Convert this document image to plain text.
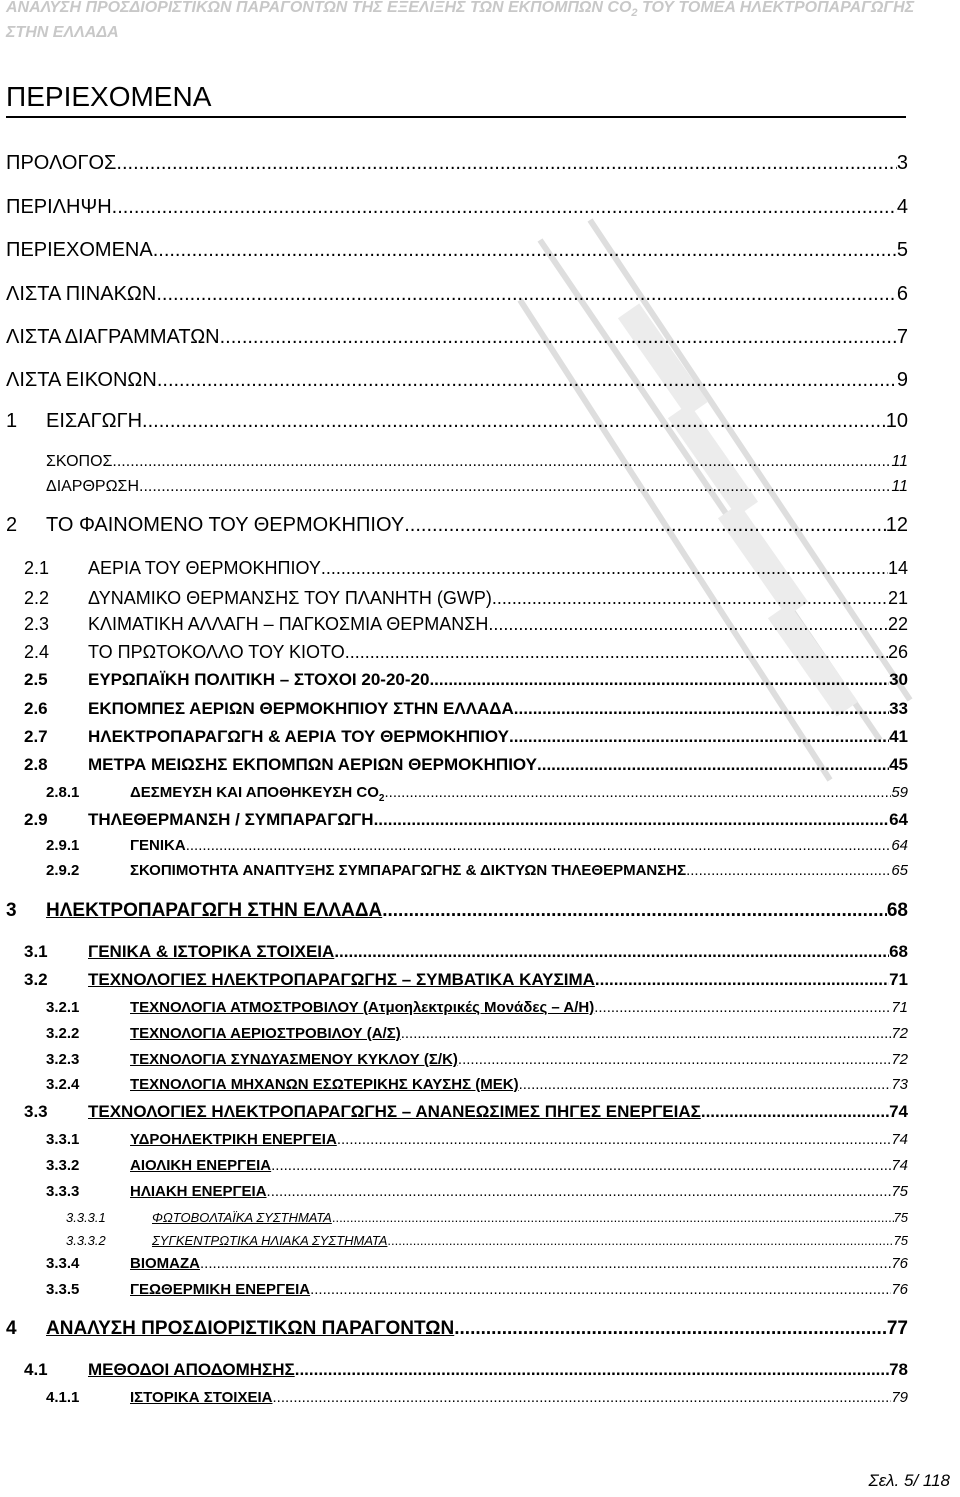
ΑΝΑΛΥΣΗ ΠΡΟΣΔΙΟΡΙΣΤΙΚΩΝ ΠΑΡΑΓΟΝΤΩΝ ΤΗΣ ΕΞΕΛΙΞΗΣ ΤΩΝ ΕΚΠΟΜΠΩΝ $CO_2$ ΤΟΥ ΤΟΜΕΑ ΗΛΕΚΤΡΟΠΑΡΑΓΩΓΗΣ
ΣΤΗΝ ΕΛΛΑΔΑ
ΠΕΡΙΕΧΟΜΕΝΑ
ΠΡΟΛΟΓΟΣ .....	3
ΠΕΡΙΛΗΨΗ .....	4
ΠΕΡΙΕΧΟΜΕΝΑ .....	5
ΛΙΣΤΑ ΠΙΝΑΚΩΝ .....	6
ΛΙΣΤΑ ΔΙΑΓΡΑΜΜΑΤΩΝ .....	7
ΛΙΣΤΑ ΕΙΚΟΝΩΝ .....	9
1	ΕΙΣΑΓΩΓΗ .....	10
ΣΚΟΠΟΣ .....	11
ΔΙΑΡΘΡΩΣΗ .....	11
2	ΤΟ ΦΑΙΝΟΜΕΝΟ ΤΟΥ ΘΕΡΜΟΚΗΠΙΟΥ .....	12
2.1	ΑΕΡΙΑ ΤΟΥ ΘΕΡΜΟΚΗΠΙΟΥ .....	14
2.2	ΔΥΝΑΜΙΚΟ ΘΕΡΜΑΝΣΗΣ ΤΟΥ ΠΛΑΝΗΤΗ (GWP) .....	21
2.3	ΚΛΙΜΑΤΙΚΗ ΑΛΛΑΓΗ – ΠΑΓΚΟΣΜΙΑ ΘΕΡΜΑΝΣΗ .....	22
2.4	ΤΟ ΠΡΩΤΟΚΟΛΛΟ ΤΟΥ ΚΙΟΤΟ .....	26
2.5	ΕΥΡΩΠΑΪΚΗ ΠΟΛΙΤΙΚΗ – ΣΤΟΧΟΙ 20-20-20 .....	30
2.6	ΕΚΠΟΜΠΕΣ ΑΕΡΙΩΝ ΘΕΡΜΟΚΗΠΙΟΥ ΣΤΗΝ ΕΛΛΑΔΑ .....	33
2.7	ΗΛΕΚΤΡΟΠΑΡΑΓΩΓΗ & ΑΕΡΙΑ ΤΟΥ ΘΕΡΜΟΚΗΠΙΟΥ .....	41
2.8	ΜΕΤΡΑ ΜΕΙΩΣΗΣ ΕΚΠΟΜΠΩΝ ΑΕΡΙΩΝ ΘΕΡΜΟΚΗΠΙΟΥ .....	45
2.8.1	ΔΕΣΜΕΥΣΗ ΚΑΙ ΑΠΟΘΗΚΕΥΣΗ $CO_2$ .....	59
2.9	ΤΗΛΕΘΕΡΜΑΝΣΗ / ΣΥΜΠΑΡΑΓΩΓΗ .....	64
2.9.1	ΓΕΝΙΚΑ .....	64
2.9.2	ΣΚΟΠΙΜΟΤΗΤΑ ΑΝΑΠΤΥΞΗΣ ΣΥΜΠΑΡΑΓΩΓΗΣ & ΔΙΚΤΥΩΝ ΤΗΛΕΘΕΡΜΑΝΣΗΣ .....	65
3	ΗΛΕΚΤΡΟΠΑΡΑΓΩΓΗ ΣΤΗΝ ΕΛΛΑΔΑ .....	68
3.1	ΓΕΝΙΚΑ & ΙΣΤΟΡΙΚΑ ΣΤΟΙΧΕΙΑ .....	68
3.2	ΤΕΧΝΟΛΟΓΙΕΣ ΗΛΕΚΤΡΟΠΑΡΑΓΩΓΗΣ – ΣΥΜΒΑΤΙΚΑ ΚΑΥΣΙΜΑ .....	71
3.2.1	ΤΕΧΝΟΛΟΓΙΑ ΑΤΜΟΣΤΡΟΒΙΛΟΥ (Ατμοηλεκτρικές Μονάδες – Α/Η) .....	71
3.2.2	ΤΕΧΝΟΛΟΓΙΑ ΑΕΡΙΟΣΤΡΟΒΙΛΟΥ (Α/Σ) .....	72
3.2.3	ΤΕΧΝΟΛΟΓΙΑ ΣΥΝΔΥΑΣΜΕΝΟΥ ΚΥΚΛΟΥ (Σ/Κ) .....	72
3.2.4	ΤΕΧΝΟΛΟΓΙΑ ΜΗΧΑΝΩΝ ΕΣΩΤΕΡΙΚΗΣ ΚΑΥΣΗΣ (ΜΕΚ) .....	73
3.3	ΤΕΧΝΟΛΟΓΙΕΣ ΗΛΕΚΤΡΟΠΑΡΑΓΩΓΗΣ – ΑΝΑΝΕΩΣΙΜΕΣ ΠΗΓΕΣ ΕΝΕΡΓΕΙΑΣ .....	74
3.3.1	ΥΔΡΟΗΛΕΚΤΡΙΚΗ ΕΝΕΡΓΕΙΑ .....	74
3.3.2	ΑΙΟΛΙΚΗ ΕΝΕΡΓΕΙΑ .....	74
3.3.3	ΗΛΙΑΚΗ ΕΝΕΡΓΕΙΑ .....	75
3.3.3.1	ΦΩΤΟΒΟΛΤΑΪΚΑ ΣΥΣΤΗΜΑΤΑ .....	75
3.3.3.2	ΣΥΓΚΕΝΤΡΩΤΙΚΑ ΗΛΙΑΚΑ ΣΥΣΤΗΜΑΤΑ .....	75
3.3.4	ΒΙΟΜΑΖΑ .....	76
3.3.5	ΓΕΩΘΕΡΜΙΚΗ ΕΝΕΡΓΕΙΑ .....	76
4	ΑΝΑΛΥΣΗ ΠΡΟΣΔΙΟΡΙΣΤΙΚΩΝ ΠΑΡΑΓΟΝΤΩΝ .....	77
4.1	ΜΕΘΟΔΟΙ ΑΠΟΔΟΜΗΣΗΣ .....	78
4.1.1	ΙΣΤΟΡΙΚΑ ΣΤΟΙΧΕΙΑ .....	79
Σελ. 5/ 118
